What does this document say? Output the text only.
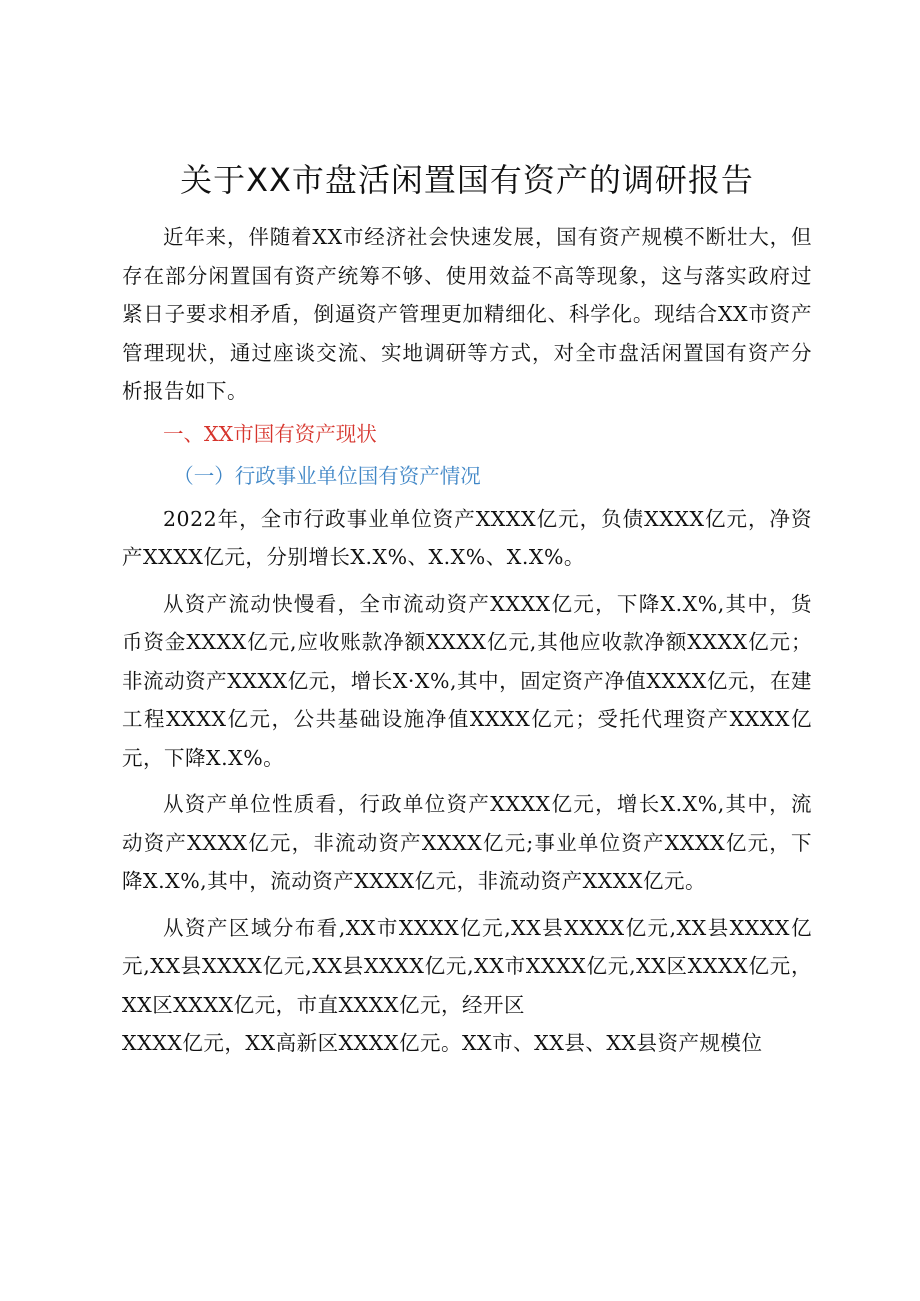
关于XX市盘活闲置国有资产的调研报告

近年来，伴随着XX市经济社会快速发展，国有资产规模不断壮大，但存在部分闲置国有资产统筹不够、使用效益不高等现象，这与落实政府过紧日子要求相矛盾，倒逼资产管理更加精细化、科学化。现结合XX市资产管理现状，通过座谈交流、实地调研等方式，对全市盘活闲置国有资产分析报告如下。

一、XX市国有资产现状

（一）行政事业单位国有资产情况

2022年，全市行政事业单位资产XXXX亿元，负债XXXX亿元，净资产XXXX亿元，分别增长X.X%、X.X%、X.X%。

从资产流动快慢看，全市流动资产XXXX亿元，下降X.X%,其中，货币资金XXXX亿元,应收账款净额XXXX亿元,其他应收款净额XXXX亿元；非流动资产XXXX亿元，增长X·X%,其中，固定资产净值XXXX亿元，在建工程XXXX亿元，公共基础设施净值XXXX亿元；受托代理资产XXXX亿元，下降X.X%。

从资产单位性质看，行政单位资产XXXX亿元，增长X.X%,其中，流动资产XXXX亿元，非流动资产XXXX亿元;事业单位资产XXXX亿元，下降X.X%,其中，流动资产XXXX亿元，非流动资产XXXX亿元。

从资产区域分布看,XX市XXXX亿元,XX县XXXX亿元,XX县XXXX亿元,XX县XXXX亿元,XX县XXXX亿元,XX市XXXX亿元,XX区XXXX亿元，XX区XXXX亿元，市直XXXX亿元，经开区

XXXX亿元，XX高新区XXXX亿元。XX市、XX县、XX县资产规模位
